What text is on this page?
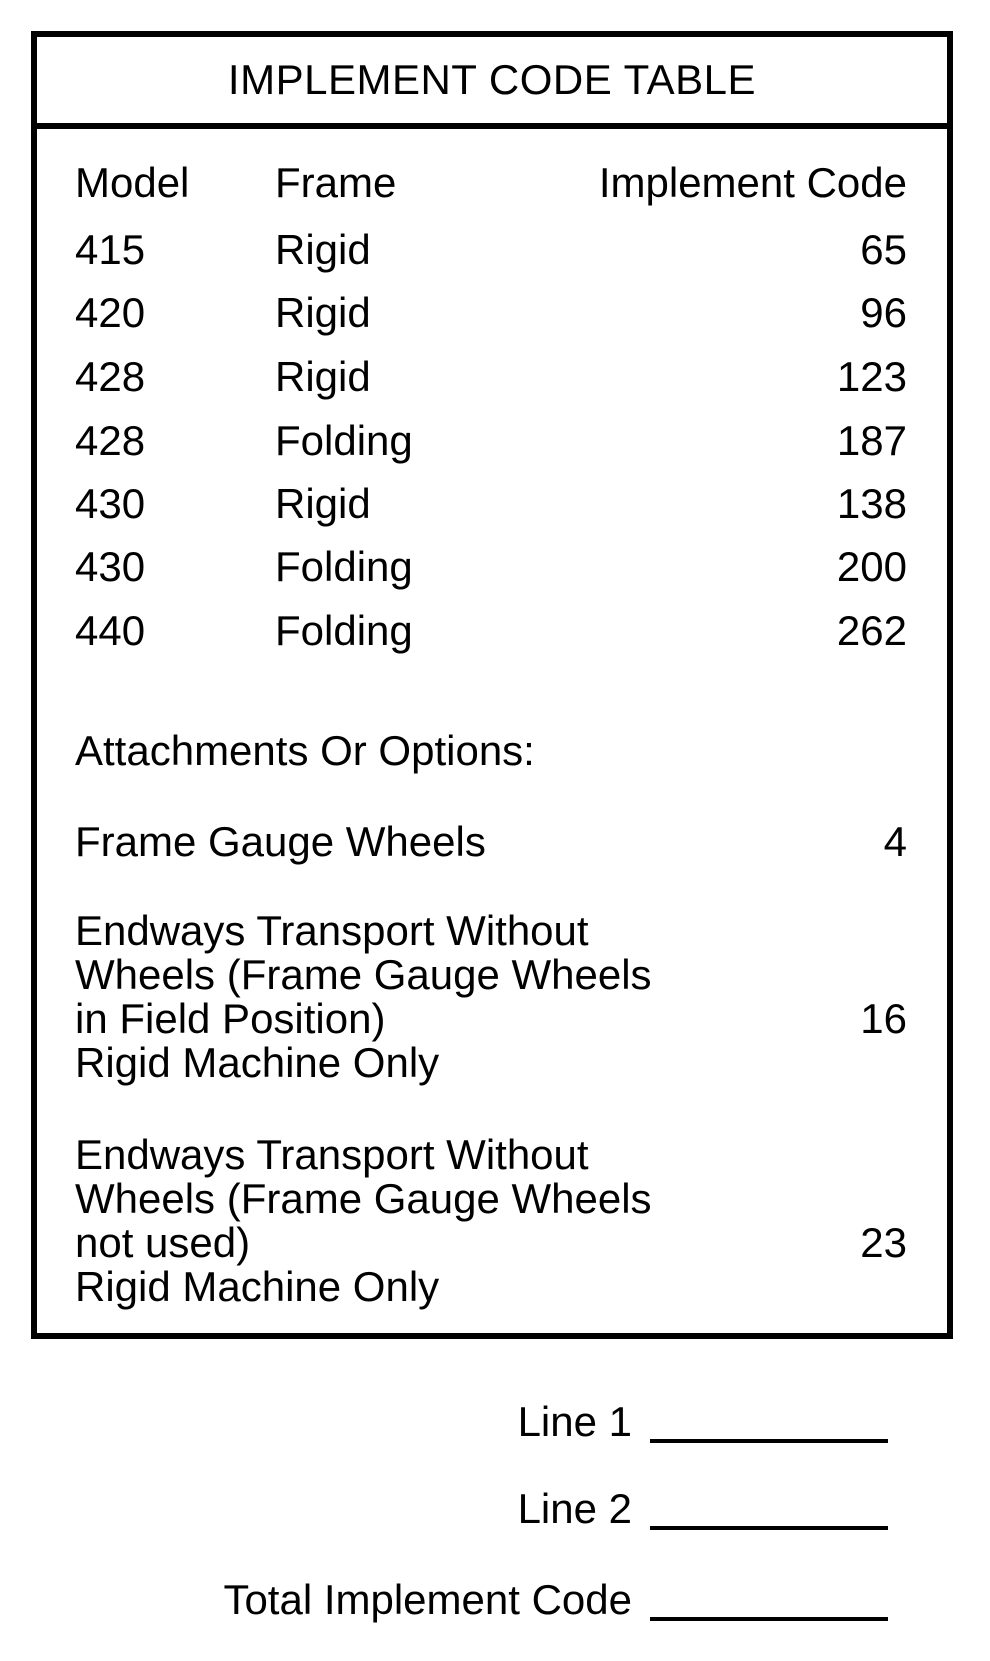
IMPLEMENT CODE TABLE
Model	Frame	Implement Code
415	Rigid	65
420	Rigid	96
428	Rigid	123
428	Folding	187
430	Rigid	138
430	Folding	200
440	Folding	262
Attachments Or Options:
Frame Gauge Wheels	4
Endways Transport Without
Wheels (Frame Gauge Wheels
in Field Position)
Rigid Machine Only
16
Endways Transport Without
Wheels (Frame Gauge Wheels
not used)
Rigid Machine Only
23
Line 1
Line 2
Total Implement Code
